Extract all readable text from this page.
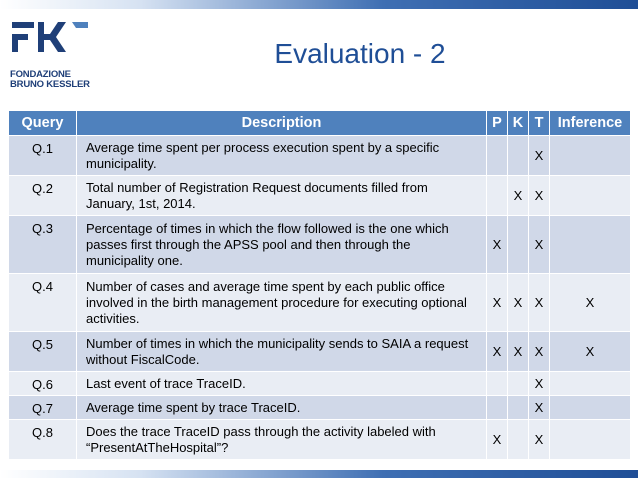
FONDAZIONE
BRUNO KESSLER
Evaluation - 2
Query	Description	P	K	T	Inference
Q.1	Average time spent per process execution spent by a specific municipality.			X	
Q.2	Total number of Registration Request documents filled from January, 1st, 2014.		X	X	
Q.3	Percentage of times in which the flow followed is the one which passes first through the APSS pool and then through the municipality one.	X		X	
Q.4	Number of cases and average time spent by each public office involved in the birth management procedure for executing optional activities.	X	X	X	X
Q.5	Number of times in which the municipality sends to SAIA a request without FiscalCode.	X	X	X	X
Q.6	Last event of trace TraceID.			X	
Q.7	Average time spent by trace TraceID.			X	
Q.8	Does the trace TraceID pass through the activity labeled with “PresentAtTheHospital”?	X		X	
